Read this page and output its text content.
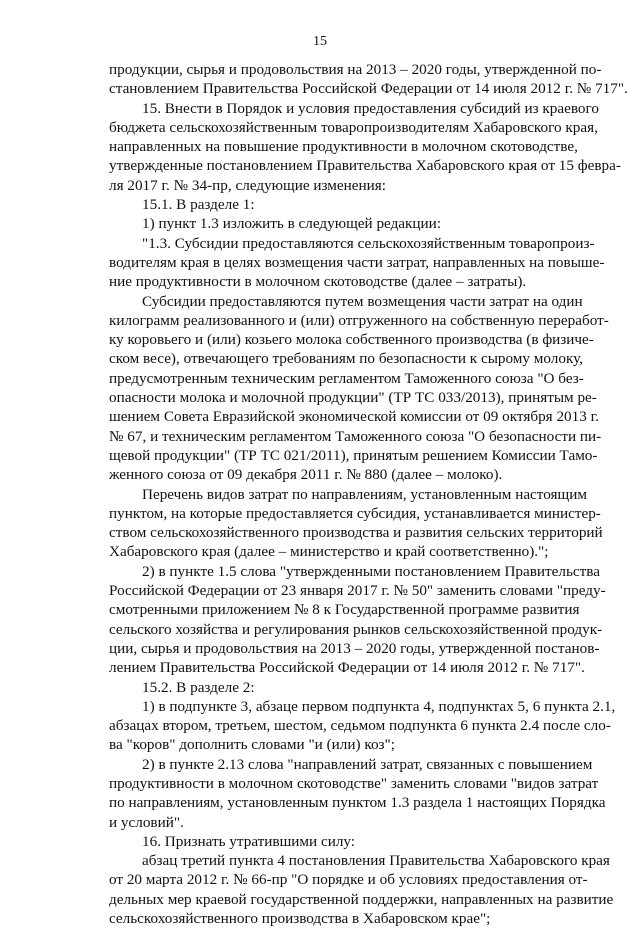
15
продукции, сырья и продовольствия на 2013 – 2020 годы, утвержденной по-
становлением Правительства Российской Федерации от 14 июля 2012 г. № 717".
15. Внести в Порядок и условия предоставления субсидий из краевого
бюджета сельскохозяйственным товаропроизводителям Хабаровского края,
направленных на повышение продуктивности в молочном скотоводстве,
утвержденные постановлением Правительства Хабаровского края от 15 февра-
ля 2017 г. № 34-пр, следующие изменения:
15.1. В разделе 1:
1) пункт 1.3 изложить в следующей редакции:
"1.3. Субсидии предоставляются сельскохозяйственным товаропроиз-
водителям края в целях возмещения части затрат, направленных на повыше-
ние продуктивности в молочном скотоводстве (далее – затраты).
Субсидии предоставляются путем возмещения части затрат на один
килограмм реализованного и (или) отгруженного на собственную переработ-
ку коровьего и (или) козьего молока собственного производства (в физиче-
ском весе), отвечающего требованиям по безопасности к сырому молоку,
предусмотренным техническим регламентом Таможенного союза "О без-
опасности молока и молочной продукции" (ТР ТС 033/2013), принятым ре-
шением Совета Евразийской экономической комиссии от 09 октября 2013 г.
№ 67, и техническим регламентом Таможенного союза "О безопасности пи-
щевой продукции" (ТР ТС 021/2011), принятым решением Комиссии Тамо-
женного союза от 09 декабря 2011 г. № 880 (далее – молоко).
Перечень видов затрат по направлениям, установленным настоящим
пунктом, на которые предоставляется субсидия, устанавливается министер-
ством сельскохозяйственного производства и развития сельских территорий
Хабаровского края (далее – министерство и край соответственно).";
2) в пункте 1.5 слова "утвержденными постановлением Правительства
Российской Федерации от 23 января 2017 г. № 50" заменить словами "преду-
смотренными приложением № 8 к Государственной программе развития
сельского хозяйства и регулирования рынков сельскохозяйственной продук-
ции, сырья и продовольствия на 2013 – 2020 годы, утвержденной постанов-
лением Правительства Российской Федерации от 14 июля 2012 г. № 717".
15.2. В разделе 2:
1) в подпункте 3, абзаце первом подпункта 4, подпунктах 5, 6 пункта 2.1,
абзацах втором, третьем, шестом, седьмом подпункта 6 пункта 2.4 после сло-
ва "коров" дополнить словами "и (или) коз";
2) в пункте 2.13 слова "направлений затрат, связанных с повышением
продуктивности в молочном скотоводстве" заменить словами "видов затрат
по направлениям, установленным пунктом 1.3 раздела 1 настоящих Порядка
и условий".
16. Признать утратившими силу:
абзац третий пункта 4 постановления Правительства Хабаровского края
от 20 марта 2012 г. № 66-пр "О порядке и об условиях предоставления от-
дельных мер краевой государственной поддержки, направленных на развитие
сельскохозяйственного производства в Хабаровском крае";
